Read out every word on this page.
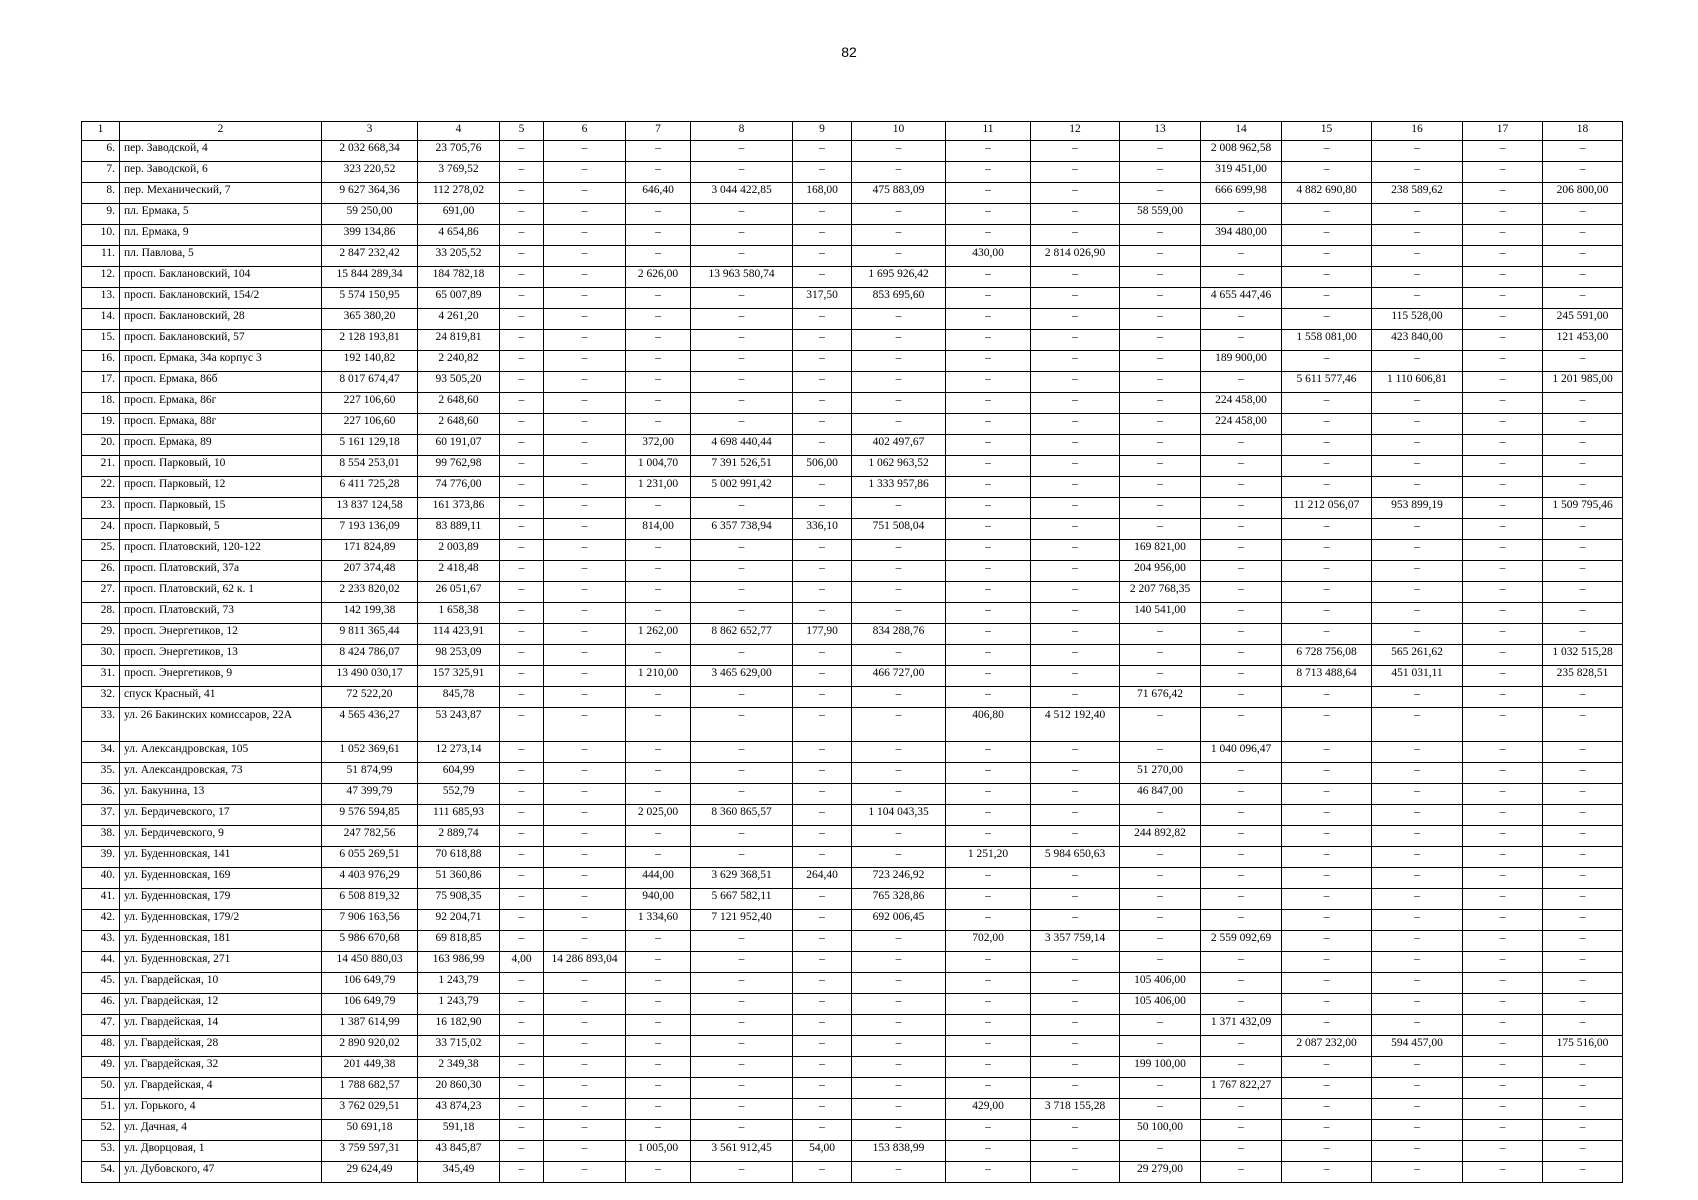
82
1	2	3	4	5	6	7	8	9	10	11	12	13	14	15	16	17	18
6.	пер. Заводской, 4	2 032 668,34	23 705,76	–	–	–	–	–	–	–	–	–	2 008 962,58	–	–	–	–
7.	пер. Заводской, 6	323 220,52	3 769,52	–	–	–	–	–	–	–	–	–	319 451,00	–	–	–	–
8.	пер. Механический, 7	9 627 364,36	112 278,02	–	–	646,40	3 044 422,85	168,00	475 883,09	–	–	–	666 699,98	4 882 690,80	238 589,62	–	206 800,00
9.	пл. Ермака, 5	59 250,00	691,00	–	–	–	–	–	–	–	–	58 559,00	–	–	–	–	–
10.	пл. Ермака, 9	399 134,86	4 654,86	–	–	–	–	–	–	–	–	–	394 480,00	–	–	–	–
11.	пл. Павлова, 5	2 847 232,42	33 205,52	–	–	–	–	–	–	430,00	2 814 026,90	–	–	–	–	–	–
12.	просп. Баклановский, 104	15 844 289,34	184 782,18	–	–	2 626,00	13 963 580,74	–	1 695 926,42	–	–	–	–	–	–	–	–
13.	просп. Баклановский, 154/2	5 574 150,95	65 007,89	–	–	–	–	317,50	853 695,60	–	–	–	4 655 447,46	–	–	–	–
14.	просп. Баклановский, 28	365 380,20	4 261,20	–	–	–	–	–	–	–	–	–	–	–	115 528,00	–	245 591,00
15.	просп. Баклановский, 57	2 128 193,81	24 819,81	–	–	–	–	–	–	–	–	–	–	1 558 081,00	423 840,00	–	121 453,00
16.	просп. Ермака, 34а корпус 3	192 140,82	2 240,82	–	–	–	–	–	–	–	–	–	189 900,00	–	–	–	–
17.	просп. Ермака, 86б	8 017 674,47	93 505,20	–	–	–	–	–	–	–	–	–	–	5 611 577,46	1 110 606,81	–	1 201 985,00
18.	просп. Ермака, 86г	227 106,60	2 648,60	–	–	–	–	–	–	–	–	–	224 458,00	–	–	–	–
19.	просп. Ермака, 88г	227 106,60	2 648,60	–	–	–	–	–	–	–	–	–	224 458,00	–	–	–	–
20.	просп. Ермака, 89	5 161 129,18	60 191,07	–	–	372,00	4 698 440,44	–	402 497,67	–	–	–	–	–	–	–	–
21.	просп. Парковый, 10	8 554 253,01	99 762,98	–	–	1 004,70	7 391 526,51	506,00	1 062 963,52	–	–	–	–	–	–	–	–
22.	просп. Парковый, 12	6 411 725,28	74 776,00	–	–	1 231,00	5 002 991,42	–	1 333 957,86	–	–	–	–	–	–	–	–
23.	просп. Парковый, 15	13 837 124,58	161 373,86	–	–	–	–	–	–	–	–	–	–	11 212 056,07	953 899,19	–	1 509 795,46
24.	просп. Парковый, 5	7 193 136,09	83 889,11	–	–	814,00	6 357 738,94	336,10	751 508,04	–	–	–	–	–	–	–	–
25.	просп. Платовский, 120-122	171 824,89	2 003,89	–	–	–	–	–	–	–	–	169 821,00	–	–	–	–	–
26.	просп. Платовский, 37а	207 374,48	2 418,48	–	–	–	–	–	–	–	–	204 956,00	–	–	–	–	–
27.	просп. Платовский, 62 к. 1	2 233 820,02	26 051,67	–	–	–	–	–	–	–	–	2 207 768,35	–	–	–	–	–
28.	просп. Платовский, 73	142 199,38	1 658,38	–	–	–	–	–	–	–	–	140 541,00	–	–	–	–	–
29.	просп. Энергетиков, 12	9 811 365,44	114 423,91	–	–	1 262,00	8 862 652,77	177,90	834 288,76	–	–	–	–	–	–	–	–
30.	просп. Энергетиков, 13	8 424 786,07	98 253,09	–	–	–	–	–	–	–	–	–	–	6 728 756,08	565 261,62	–	1 032 515,28
31.	просп. Энергетиков, 9	13 490 030,17	157 325,91	–	–	1 210,00	3 465 629,00	–	466 727,00	–	–	–	–	8 713 488,64	451 031,11	–	235 828,51
32.	спуск Красный, 41	72 522,20	845,78	–	–	–	–	–	–	–	–	71 676,42	–	–	–	–	–
33.	ул. 26 Бакинских комиссаров, 22А	4 565 436,27	53 243,87	–	–	–	–	–	–	406,80	4 512 192,40	–	–	–	–	–	–
34.	ул. Александровская, 105	1 052 369,61	12 273,14	–	–	–	–	–	–	–	–	–	1 040 096,47	–	–	–	–
35.	ул. Александровская, 73	51 874,99	604,99	–	–	–	–	–	–	–	–	51 270,00	–	–	–	–	–
36.	ул. Бакунина, 13	47 399,79	552,79	–	–	–	–	–	–	–	–	46 847,00	–	–	–	–	–
37.	ул. Бердичевского, 17	9 576 594,85	111 685,93	–	–	2 025,00	8 360 865,57	–	1 104 043,35	–	–	–	–	–	–	–	–
38.	ул. Бердичевского, 9	247 782,56	2 889,74	–	–	–	–	–	–	–	–	244 892,82	–	–	–	–	–
39.	ул. Буденновская, 141	6 055 269,51	70 618,88	–	–	–	–	–	–	1 251,20	5 984 650,63	–	–	–	–	–	–
40.	ул. Буденновская, 169	4 403 976,29	51 360,86	–	–	444,00	3 629 368,51	264,40	723 246,92	–	–	–	–	–	–	–	–
41.	ул. Буденновская, 179	6 508 819,32	75 908,35	–	–	940,00	5 667 582,11	–	765 328,86	–	–	–	–	–	–	–	–
42.	ул. Буденновская, 179/2	7 906 163,56	92 204,71	–	–	1 334,60	7 121 952,40	–	692 006,45	–	–	–	–	–	–	–	–
43.	ул. Буденновская, 181	5 986 670,68	69 818,85	–	–	–	–	–	–	702,00	3 357 759,14	–	2 559 092,69	–	–	–	–
44.	ул. Буденновская, 271	14 450 880,03	163 986,99	4,00	14 286 893,04	–	–	–	–	–	–	–	–	–	–	–	–
45.	ул. Гвардейская, 10	106 649,79	1 243,79	–	–	–	–	–	–	–	–	105 406,00	–	–	–	–	–
46.	ул. Гвардейская, 12	106 649,79	1 243,79	–	–	–	–	–	–	–	–	105 406,00	–	–	–	–	–
47.	ул. Гвардейская, 14	1 387 614,99	16 182,90	–	–	–	–	–	–	–	–	–	1 371 432,09	–	–	–	–
48.	ул. Гвардейская, 28	2 890 920,02	33 715,02	–	–	–	–	–	–	–	–	–	–	2 087 232,00	594 457,00	–	175 516,00
49.	ул. Гвардейская, 32	201 449,38	2 349,38	–	–	–	–	–	–	–	–	199 100,00	–	–	–	–	–
50.	ул. Гвардейская, 4	1 788 682,57	20 860,30	–	–	–	–	–	–	–	–	–	1 767 822,27	–	–	–	–
51.	ул. Горького, 4	3 762 029,51	43 874,23	–	–	–	–	–	–	429,00	3 718 155,28	–	–	–	–	–	–
52.	ул. Дачная, 4	50 691,18	591,18	–	–	–	–	–	–	–	–	50 100,00	–	–	–	–	–
53.	ул. Дворцовая, 1	3 759 597,31	43 845,87	–	–	1 005,00	3 561 912,45	54,00	153 838,99	–	–	–	–	–	–	–	–
54.	ул. Дубовского, 47	29 624,49	345,49	–	–	–	–	–	–	–	–	29 279,00	–	–	–	–	–
